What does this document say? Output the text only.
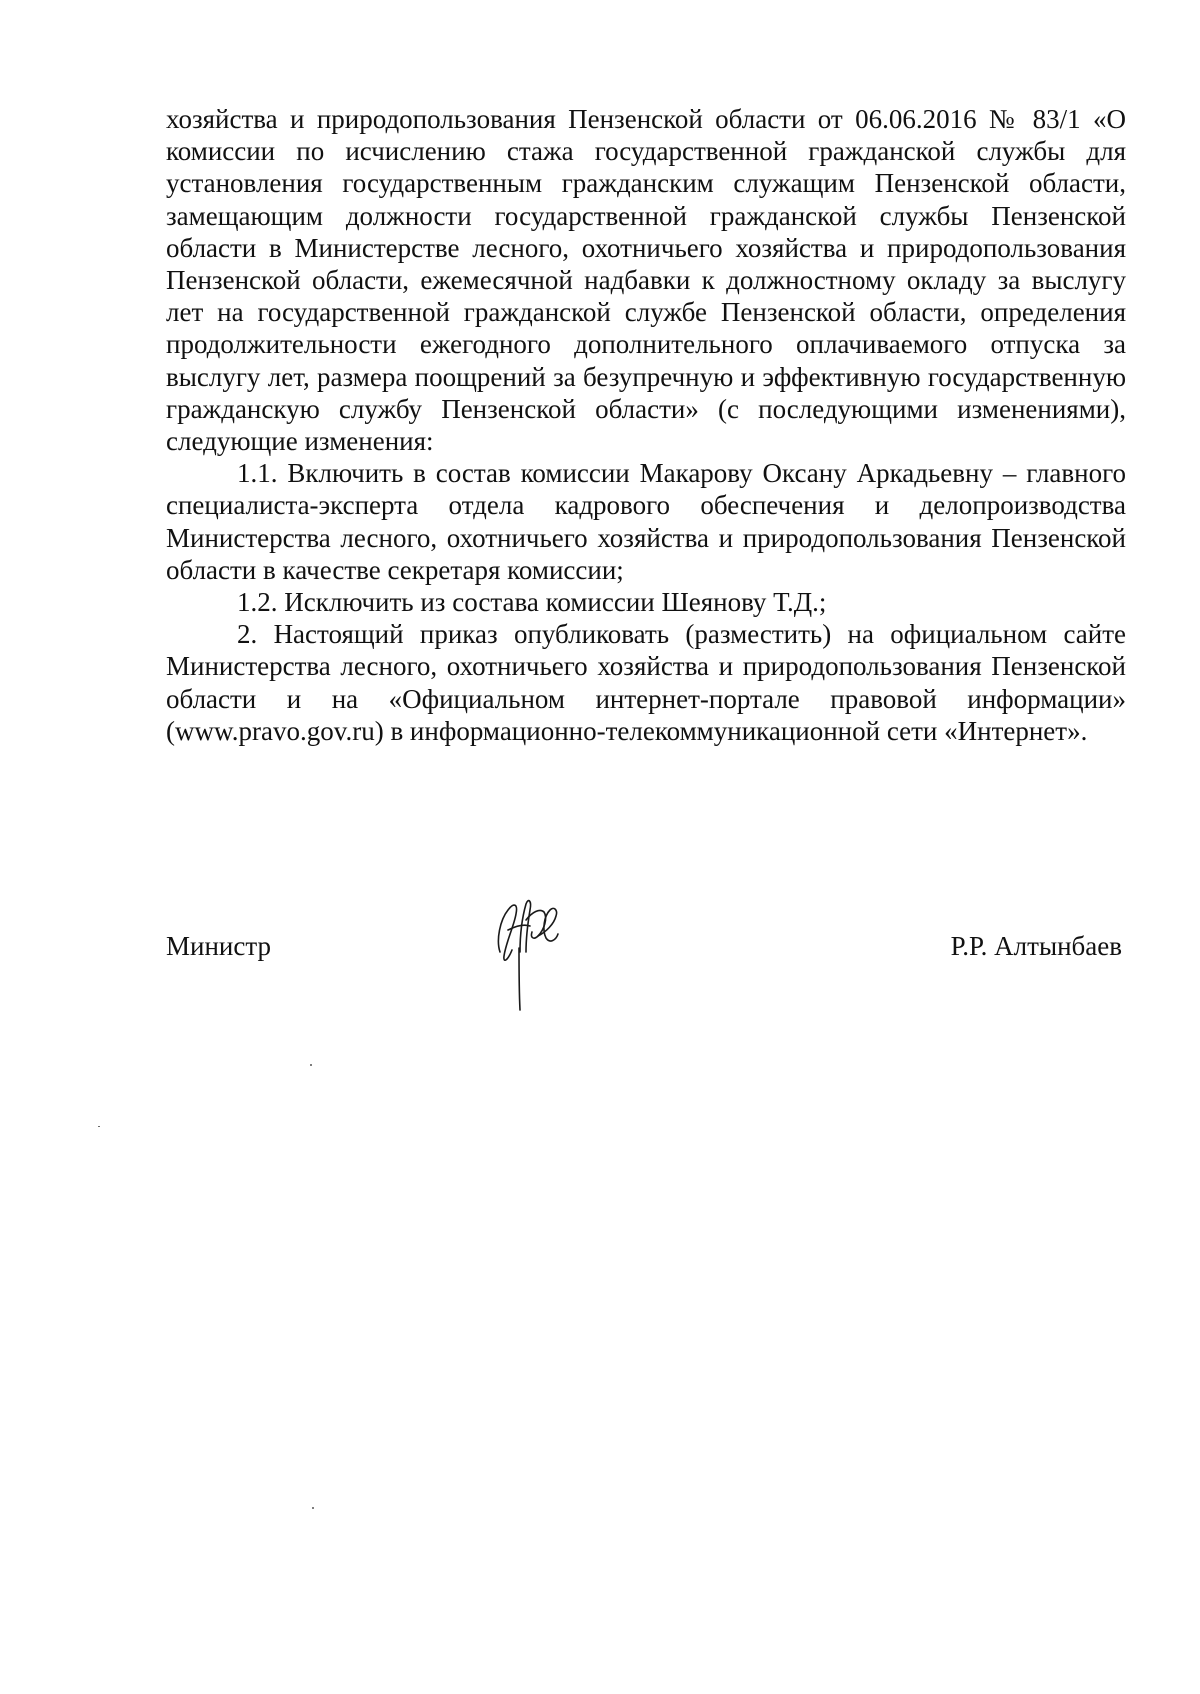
хозяйства и природопользования Пензенской области от 06.06.2016 № 83/1 «О комиссии по исчислению стажа государственной гражданской службы для установления государственным гражданским служащим Пензенской области, замещающим должности государственной гражданской службы Пензенской области в Министерстве лесного, охотничьего хозяйства и природопользования Пензенской области, ежемесячной надбавки к должностному окладу за выслугу лет на государственной гражданской службе Пензенской области, определения продолжительности ежегодного дополнительного оплачиваемого отпуска за выслугу лет, размера поощрений за безупречную и эффективную государственную гражданскую службу Пензенской области» (с последующими изменениями), следующие изменения:

1.1. Включить в состав комиссии Макарову Оксану Аркадьевну – главного специалиста-эксперта отдела кадрового обеспечения и делопроизводства Министерства лесного, охотничьего хозяйства и природопользования Пензенской области в качестве секретаря комиссии;

1.2. Исключить из состава комиссии Шеянову Т.Д.;

2. Настоящий приказ опубликовать (разместить) на официальном сайте Министерства лесного, охотничьего хозяйства и природопользования Пензенской области и на «Официальном интернет-портале правовой информации» (www.pravo.gov.ru) в информационно-телекоммуникационной сети «Интернет».

Министр	Р.Р. Алтынбаев
